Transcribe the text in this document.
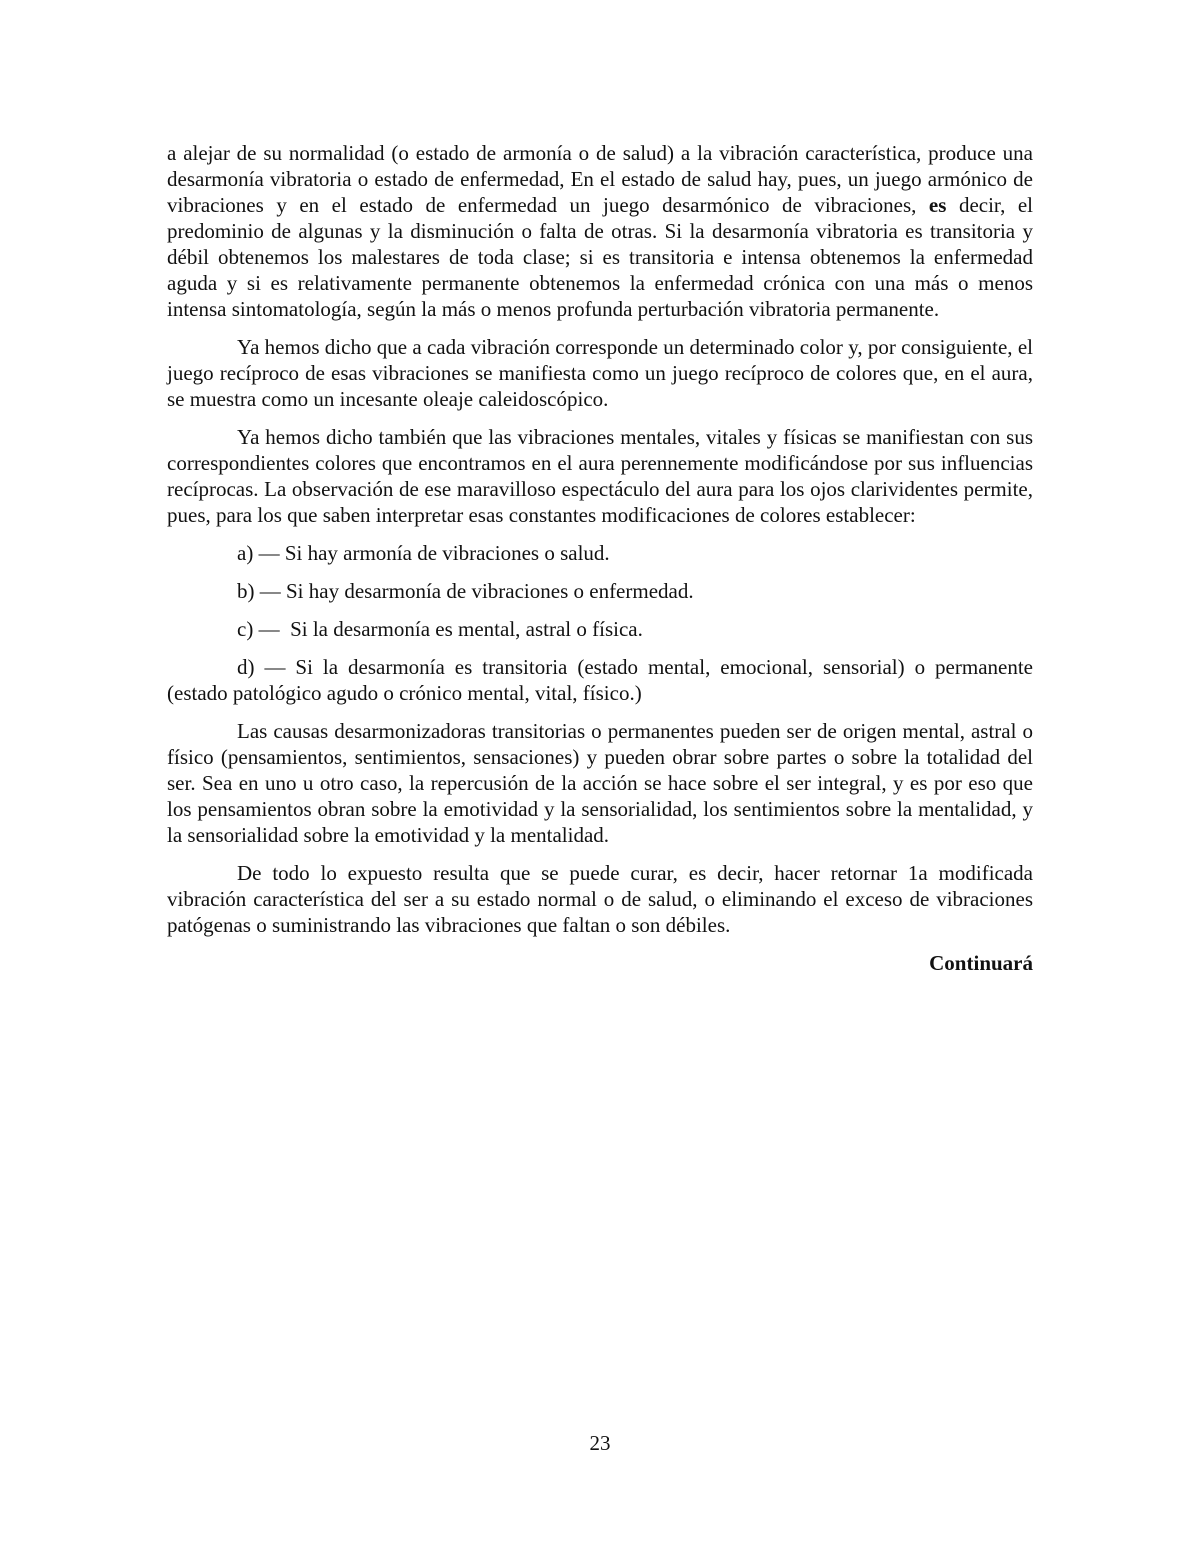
a alejar de su normalidad (o estado de armonía o de salud) a la vibración característica, produce una desarmonía vibratoria o estado de enfermedad, En el estado de salud hay, pues, un juego armónico de vibraciones y en el estado de enfermedad un juego desarmónico de vibraciones, es decir, el predominio de algunas y la disminución o falta de otras. Si la desarmonía vibratoria es transitoria y débil obtenemos los malestares de toda clase; si es transitoria e intensa obtenemos la enfermedad aguda y si es relativamente permanente obtenemos la enfermedad crónica con una más o menos intensa sintomatología, según la más o menos profunda perturbación vibratoria permanente.

Ya hemos dicho que a cada vibración corresponde un determinado color y, por consiguiente, el juego recíproco de esas vibraciones se manifiesta como un juego recíproco de colores que, en el aura, se muestra como un incesante oleaje caleidoscópico.

Ya hemos dicho también que las vibraciones mentales, vitales y físicas se manifiestan con sus correspondientes colores que encontramos en el aura perennemente modificándose por sus influencias recíprocas. La observación de ese maravilloso espectáculo del aura para los ojos clarividentes permite, pues, para los que saben interpretar esas constantes modificaciones de colores establecer:

a) — Si hay armonía de vibraciones o salud.

b) — Si hay desarmonía de vibraciones o enfermedad.

c) —  Si la desarmonía es mental, astral o física.

d) — Si la desarmonía es transitoria (estado mental, emocional, sensorial) o permanente (estado patológico agudo o crónico mental, vital, físico.)

Las causas desarmonizadoras transitorias o permanentes pueden ser de origen mental, astral o físico (pensamientos, sentimientos, sensaciones) y pueden obrar sobre partes o sobre la totalidad del ser. Sea en uno u otro caso, la repercusión de la acción se hace sobre el ser integral, y es por eso que los pensamientos obran sobre la emotividad y la sensorialidad, los sentimientos sobre la mentalidad, y la sensorialidad sobre la emotividad y la mentalidad.

De todo lo expuesto resulta que se puede curar, es decir, hacer retornar 1a modificada vibración característica del ser a su estado normal o de salud, o eliminando el exceso de vibraciones patógenas o suministrando las vibraciones que faltan o son débiles.

Continuará

23
